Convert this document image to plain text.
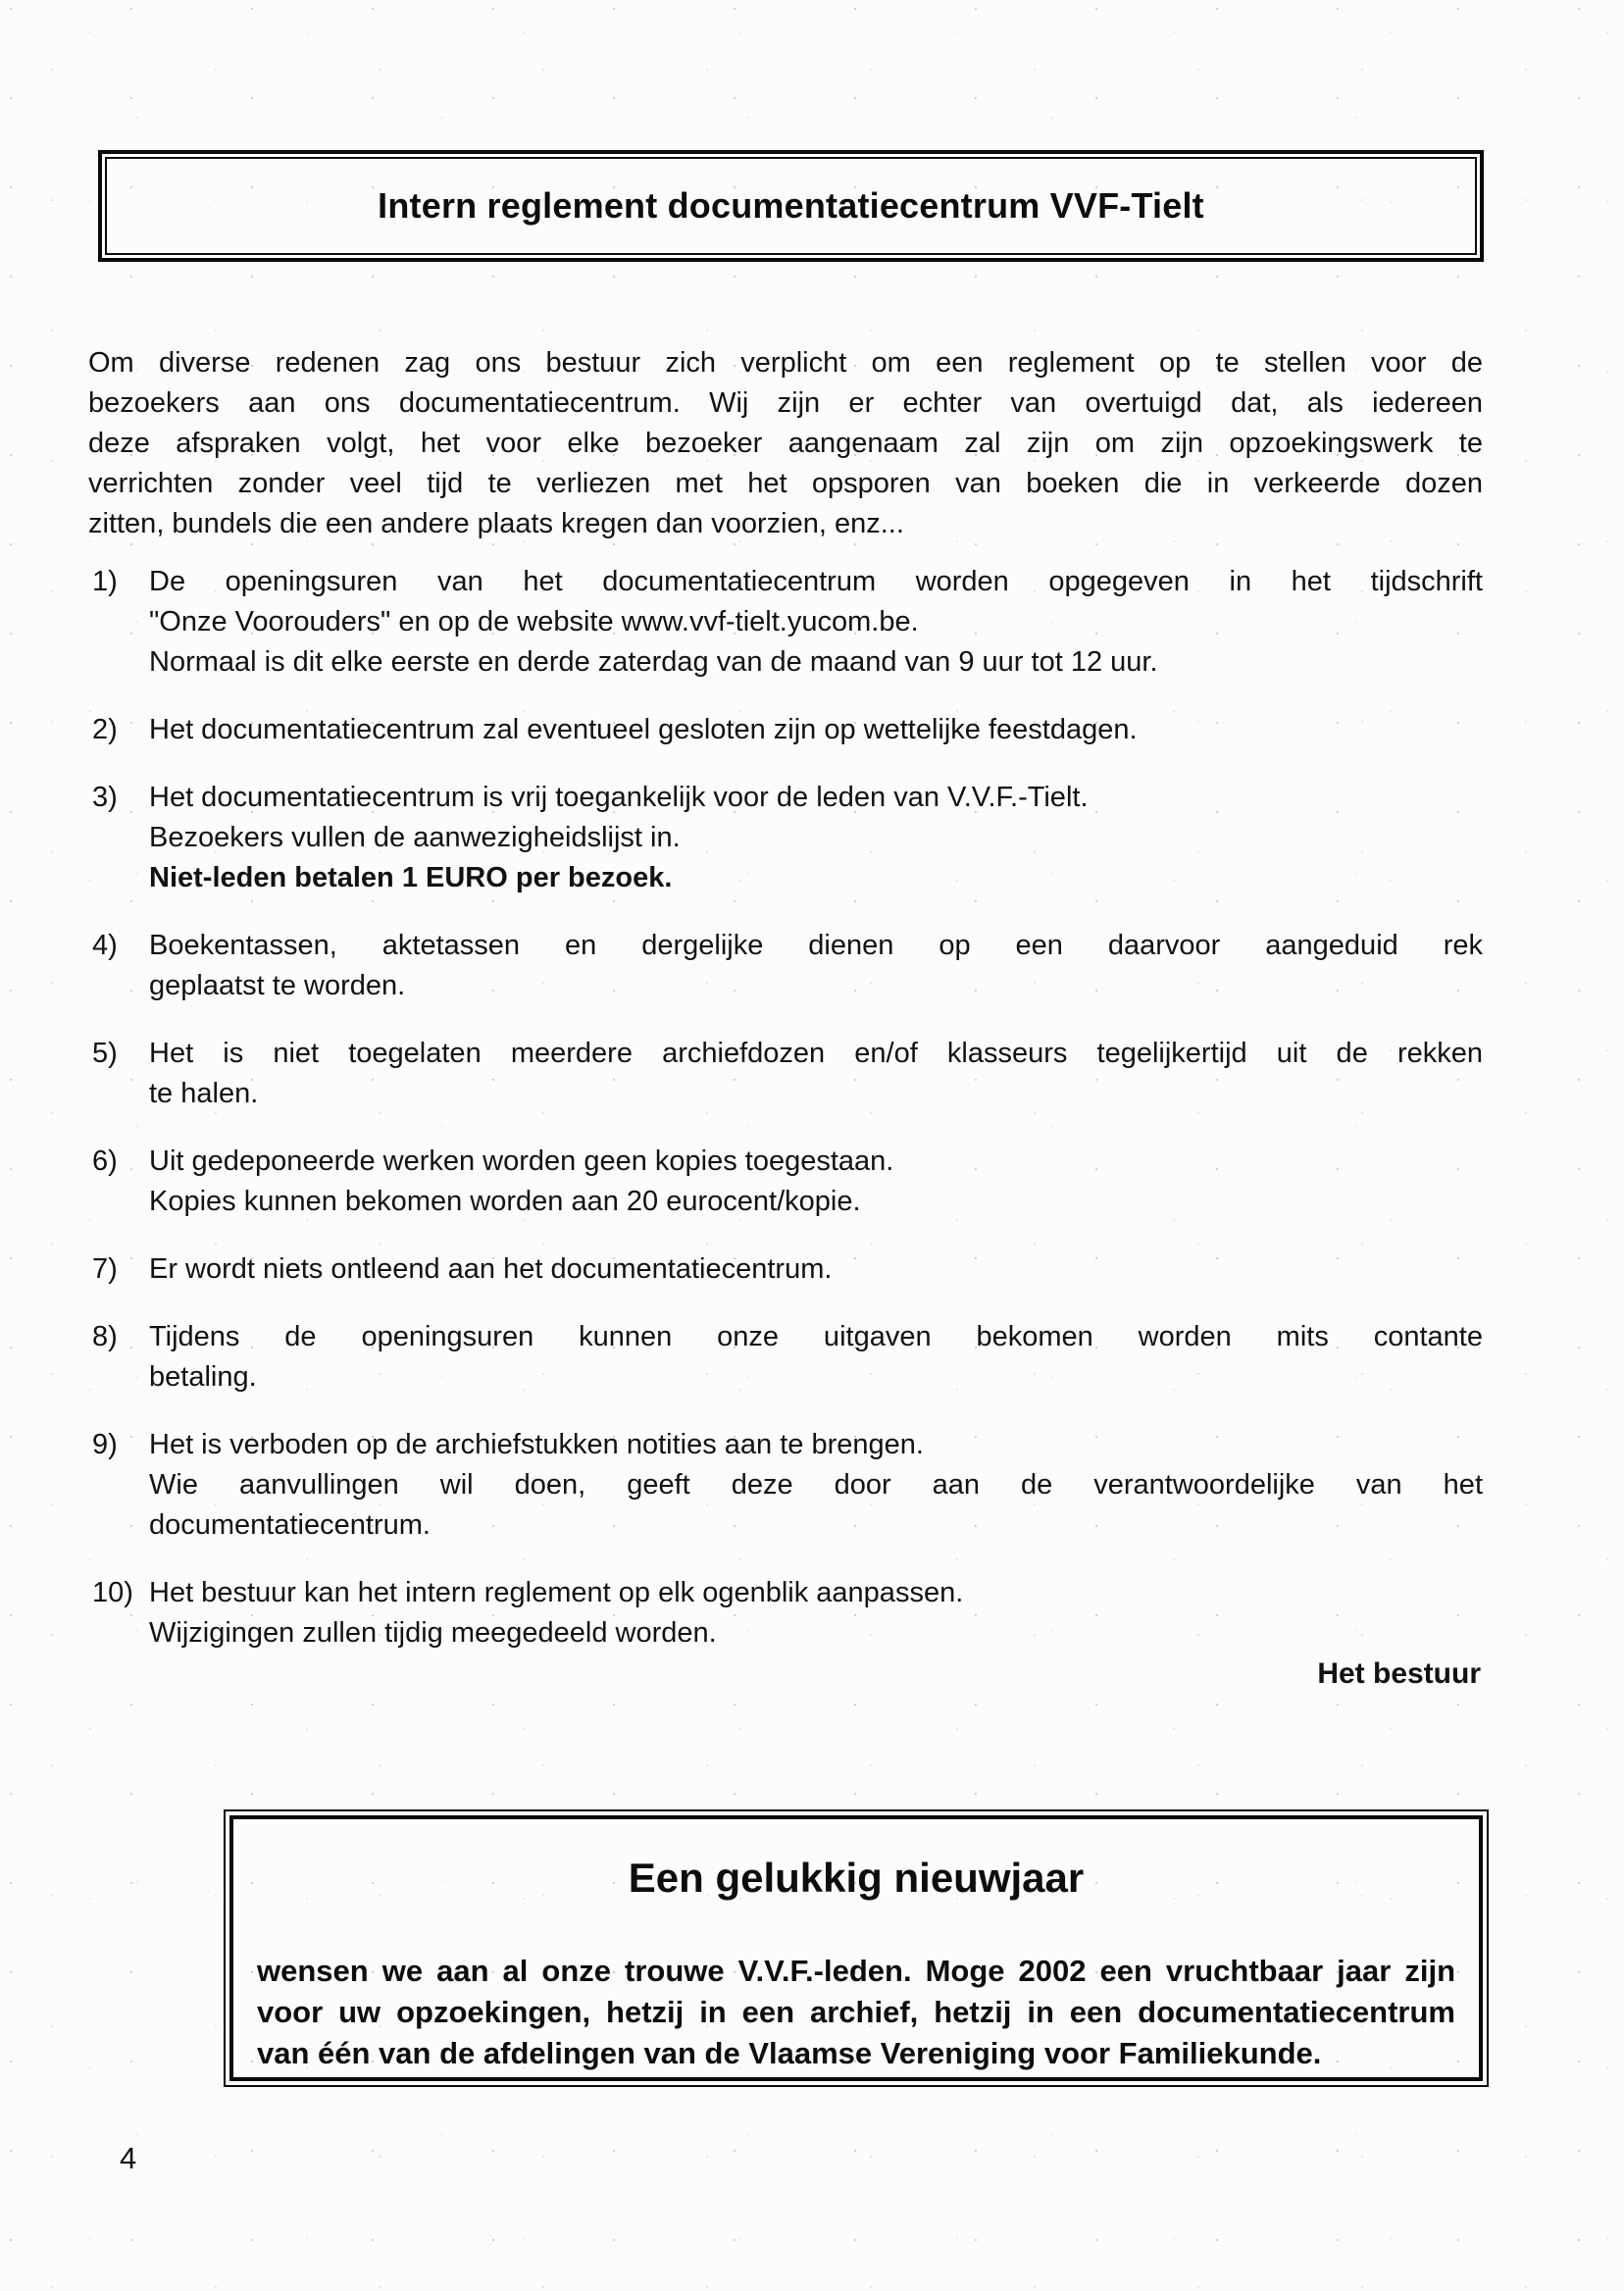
Intern reglement documentatiecentrum VVF-Tielt
Om diverse redenen zag ons bestuur zich verplicht om een reglement op te stellen voor de
bezoekers aan ons documentatiecentrum. Wij zijn er echter van overtuigd dat, als iedereen
deze afspraken volgt, het voor elke bezoeker aangenaam zal zijn om zijn opzoekingswerk te
verrichten zonder veel tijd te verliezen met het opsporen van boeken die in verkeerde dozen
zitten, bundels die een andere plaats kregen dan voorzien, enz...
1)	De openingsuren van het documentatiecentrum worden opgegeven in het tijdschrift
"Onze Voorouders" en op de website www.vvf-tielt.yucom.be.
Normaal is dit elke eerste en derde zaterdag van de maand van 9 uur tot 12 uur.
2)	Het documentatiecentrum zal eventueel gesloten zijn op wettelijke feestdagen.
3)	Het documentatiecentrum is vrij toegankelijk voor de leden van V.V.F.-Tielt.
Bezoekers vullen de aanwezigheidslijst in.
Niet-leden betalen 1 EURO per bezoek.
4)	Boekentassen, aktetassen en dergelijke dienen op een daarvoor aangeduid rek
geplaatst te worden.
5)	Het is niet toegelaten meerdere archiefdozen en/of klasseurs tegelijkertijd uit de rekken
te halen.
6)	Uit gedeponeerde werken worden geen kopies toegestaan.
Kopies kunnen bekomen worden aan 20 eurocent/kopie.
7)	Er wordt niets ontleend aan het documentatiecentrum.
8)	Tijdens de openingsuren kunnen onze uitgaven bekomen worden mits contante
betaling.
9)	Het is verboden op de archiefstukken notities aan te brengen.
Wie aanvullingen wil doen, geeft deze door aan de verantwoordelijke van het
documentatiecentrum.
10) Het bestuur kan het intern reglement op elk ogenblik aanpassen.
Wijzigingen zullen tijdig meegedeeld worden.
Het bestuur
Een gelukkig nieuwjaar
wensen we aan al onze trouwe V.V.F.-leden. Moge 2002 een vruchtbaar jaar zijn
voor uw opzoekingen, hetzij in een archief, hetzij in een documentatiecentrum
van één van de afdelingen van de Vlaamse Vereniging voor Familiekunde.
4
